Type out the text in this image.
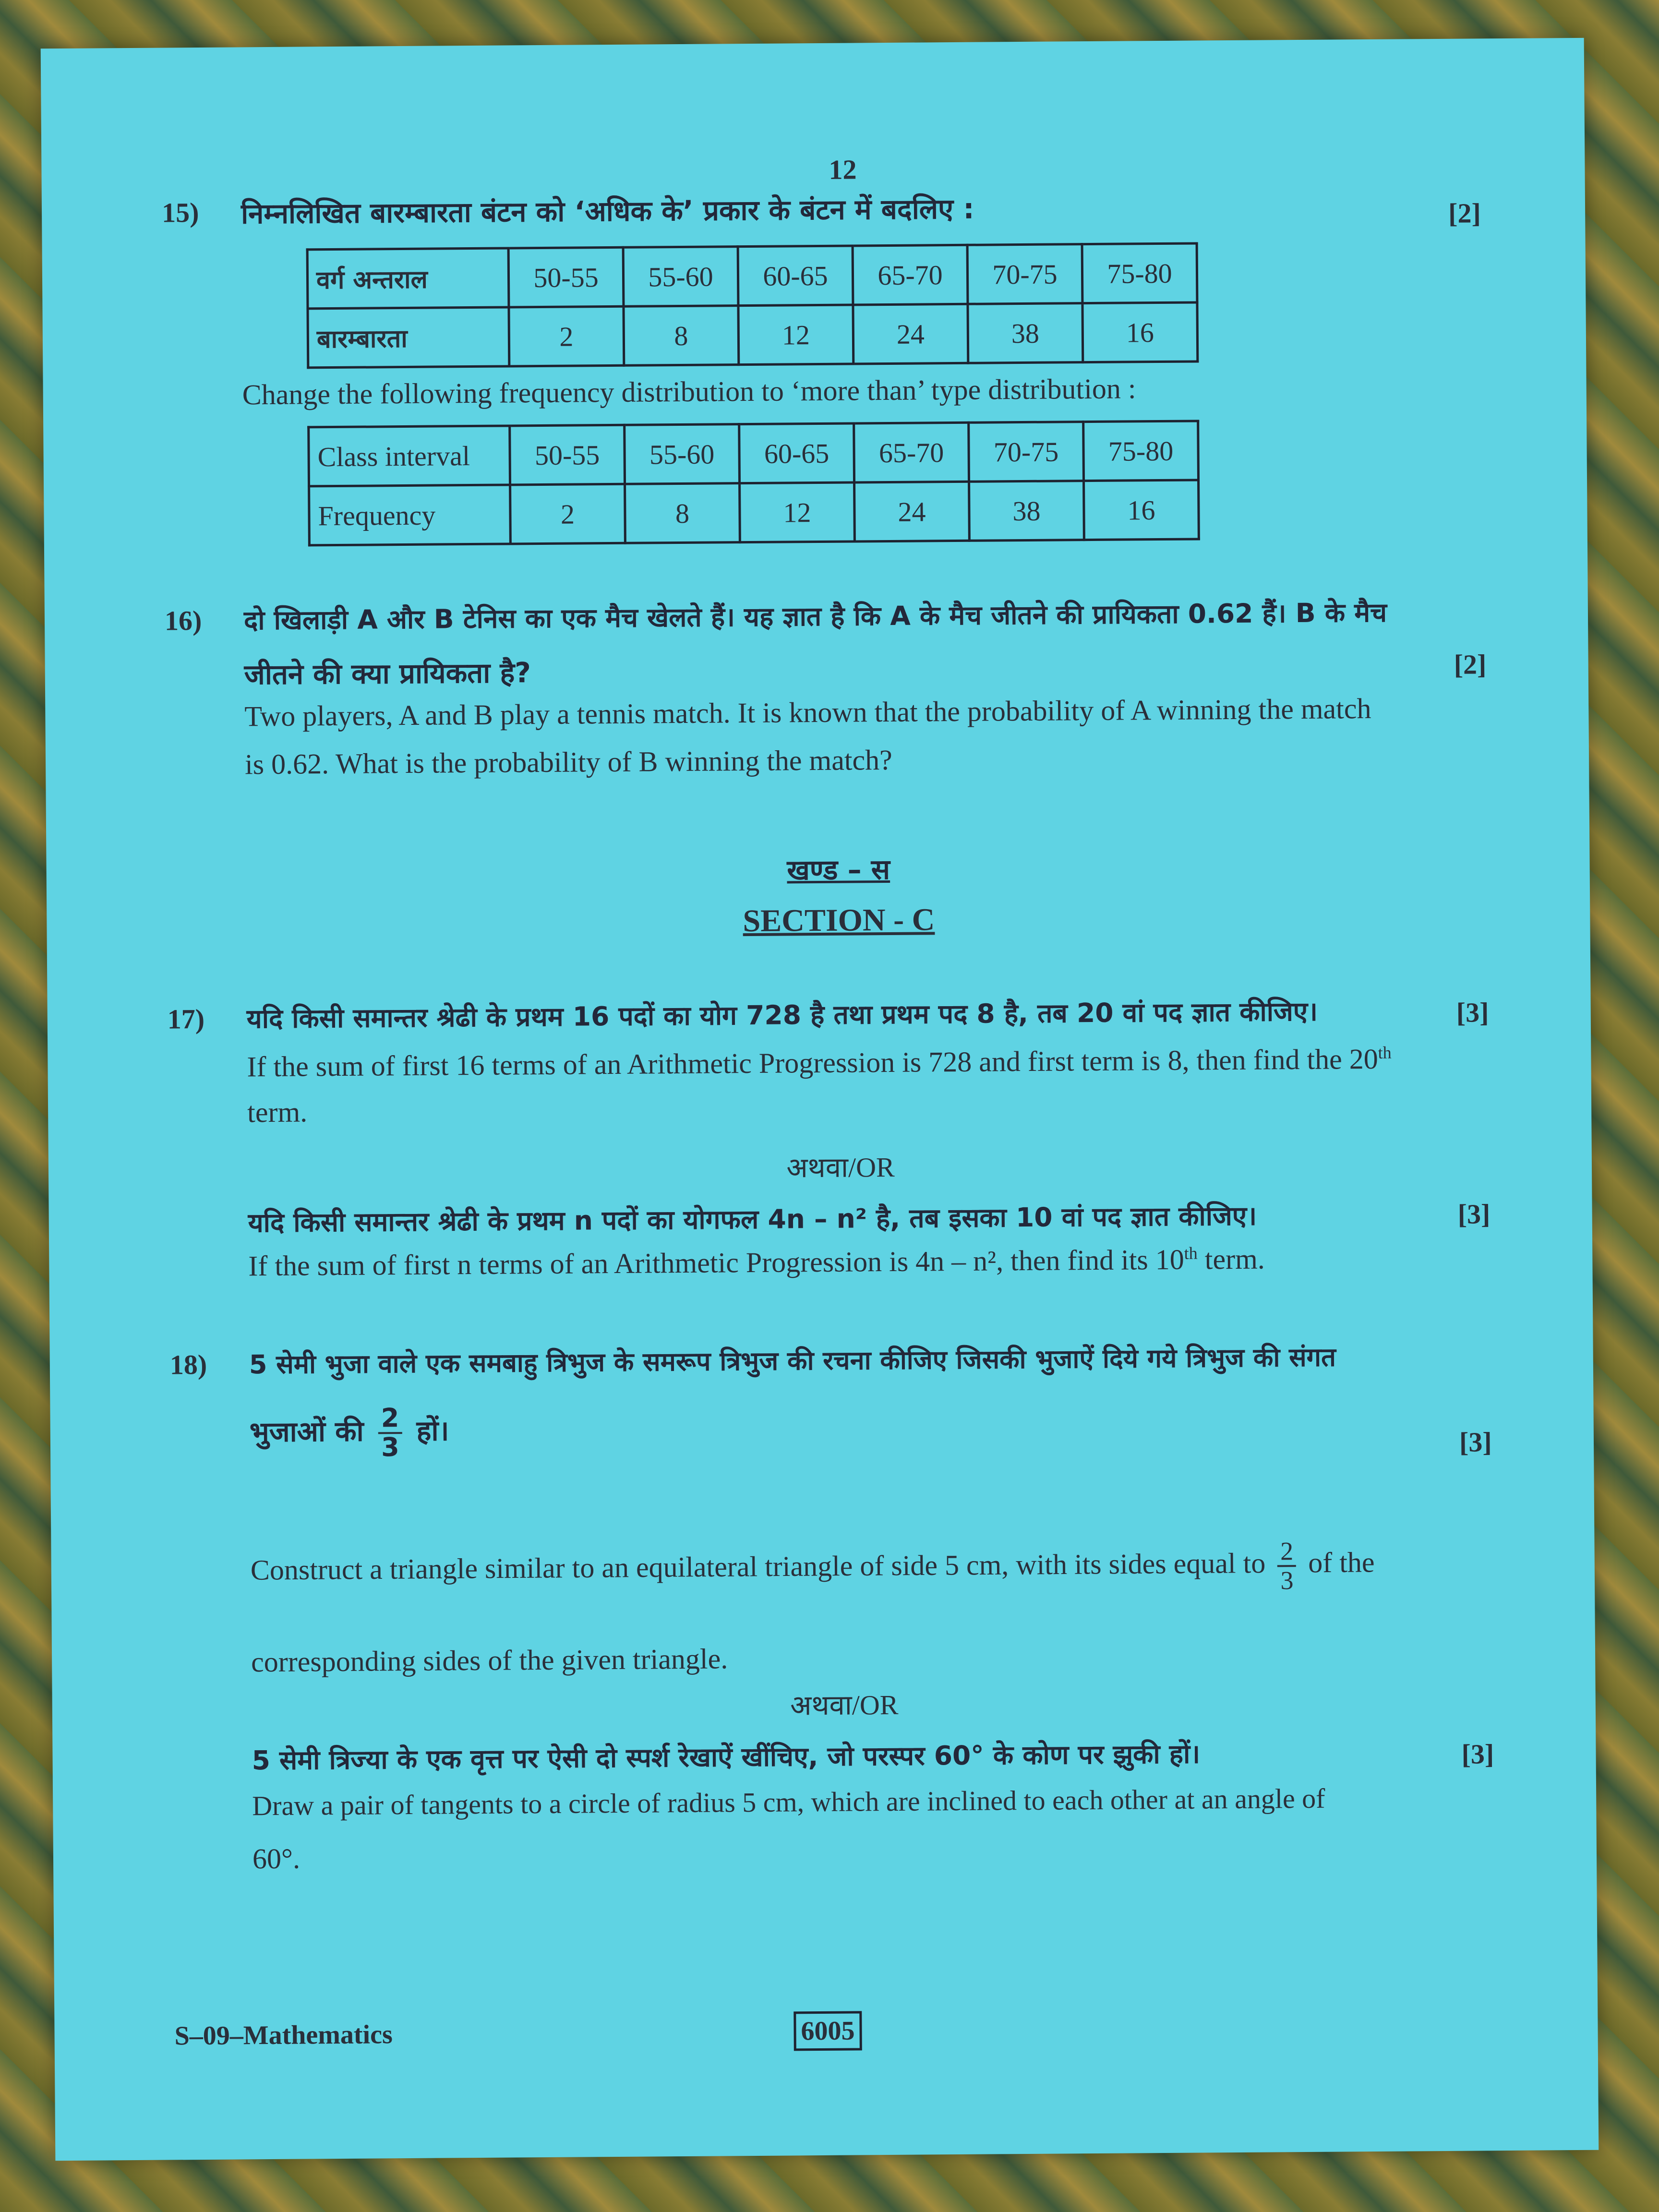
12
15) निम्नलिखित बारम्बारता बंटन को ‘अधिक के’ प्रकार के बंटन में बदलिए :	[2]
वर्ग अन्तराल	50-55	55-60	60-65	65-70	70-75	75-80
बारम्बारता	2	8	12	24	38	16
Change the following frequency distribution to ‘more than’ type distribution :
Class interval	50-55	55-60	60-65	65-70	70-75	75-80
Frequency	2	8	12	24	38	16
16) दो खिलाड़ी A और B टेनिस का एक मैच खेलते हैं। यह ज्ञात है कि A के मैच जीतने की प्रायिकता 0.62 हैं। B के मैच
जीतने की क्या प्रायिकता है?	[2]
Two players, A and B play a tennis match. It is known that the probability of A winning the match
is 0.62. What is the probability of B winning the match?
खण्ड – स
SECTION - C
17) यदि किसी समान्तर श्रेढी के प्रथम 16 पदों का योग 728 है तथा प्रथम पद 8 है, तब 20 वां पद ज्ञात कीजिए।	[3]
If the sum of first 16 terms of an Arithmetic Progression is 728 and first term is 8, then find the 20th
term.
अथवा/OR
यदि किसी समान्तर श्रेढी के प्रथम n पदों का योगफल 4n – n² है, तब इसका 10 वां पद ज्ञात कीजिए।	[3]
If the sum of first n terms of an Arithmetic Progression is 4n – n², then find its 10th term.
18) 5 सेमी भुजा वाले एक समबाहु त्रिभुज के समरूप त्रिभुज की रचना कीजिए जिसकी भुजाऐं दिये गये त्रिभुज की संगत
भुजाओं की $\frac{2}{3}$ हों।	[3]
Construct a triangle similar to an equilateral triangle of side 5 cm, with its sides equal to $\frac{2}{3}$ of the
corresponding sides of the given triangle.
अथवा/OR
5 सेमी त्रिज्या के एक वृत्त पर ऐसी दो स्पर्श रेखाऐं खींचिए, जो परस्पर 60° के कोण पर झुकी हों।	[3]
Draw a pair of tangents to a circle of radius 5 cm, which are inclined to each other at an angle of
60°.
S–09–Mathematics	6005
